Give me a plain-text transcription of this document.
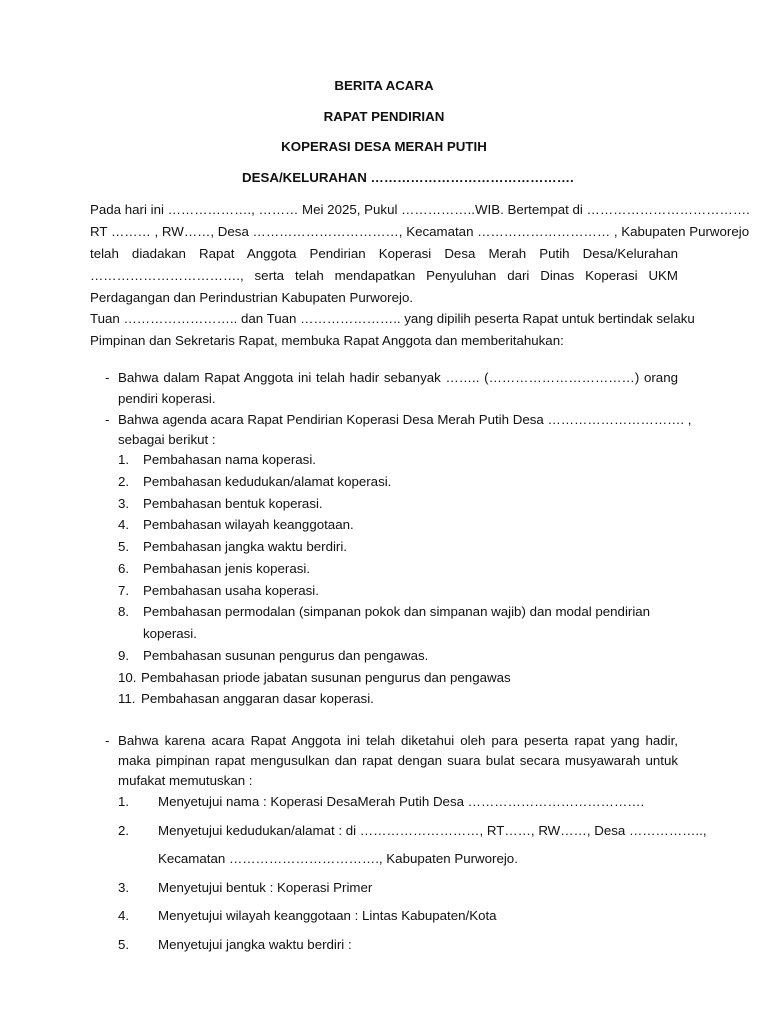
BERITA ACARA
RAPAT PENDIRIAN
KOPERASI DESA MERAH PUTIH
DESA/KELURAHAN ……………………………………….
Pada hari ini ………………., ……… Mei 2025, Pukul ……………..WIB. Bertempat di ……………………………….
RT ……… , RW……, Desa ……………………………, Kecamatan ………………………… , Kabupaten Purworejo
telah diadakan Rapat Anggota Pendirian Koperasi Desa Merah Putih Desa/Kelurahan
……………………………., serta telah mendapatkan Penyuluhan dari Dinas Koperasi UKM
Perdagangan dan Perindustrian Kabupaten Purworejo.
Tuan …………………….. dan Tuan ………………….. yang dipilih peserta Rapat untuk bertindak selaku
Pimpinan dan Sekretaris Rapat, membuka Rapat Anggota dan memberitahukan:
- Bahwa dalam Rapat Anggota ini telah hadir sebanyak …….. (……………………………) orang
pendiri koperasi.
- Bahwa agenda acara Rapat Pendirian Koperasi Desa Merah Putih Desa …………………………. ,
sebagai berikut :
1. Pembahasan nama koperasi.
2. Pembahasan kedudukan/alamat koperasi.
3. Pembahasan bentuk koperasi.
4. Pembahasan wilayah keanggotaan.
5. Pembahasan jangka waktu berdiri.
6. Pembahasan jenis koperasi.
7. Pembahasan usaha koperasi.
8. Pembahasan permodalan (simpanan pokok dan simpanan wajib) dan modal pendirian
koperasi.
9. Pembahasan susunan pengurus dan pengawas.
10. Pembahasan priode jabatan susunan pengurus dan pengawas
11. Pembahasan anggaran dasar koperasi.
- Bahwa karena acara Rapat Anggota ini telah diketahui oleh para peserta rapat yang hadir,
maka pimpinan rapat mengusulkan dan rapat dengan suara bulat secara musyawarah untuk
mufakat memutuskan :
1. Menyetujui nama : Koperasi DesaMerah Putih Desa ………………………………….
2. Menyetujui kedudukan/alamat : di ………………………, RT……, RW……, Desa ……………..,
Kecamatan ……………………………., Kabupaten Purworejo.
3. Menyetujui bentuk : Koperasi Primer
4. Menyetujui wilayah keanggotaan : Lintas Kabupaten/Kota
5. Menyetujui jangka waktu berdiri :
